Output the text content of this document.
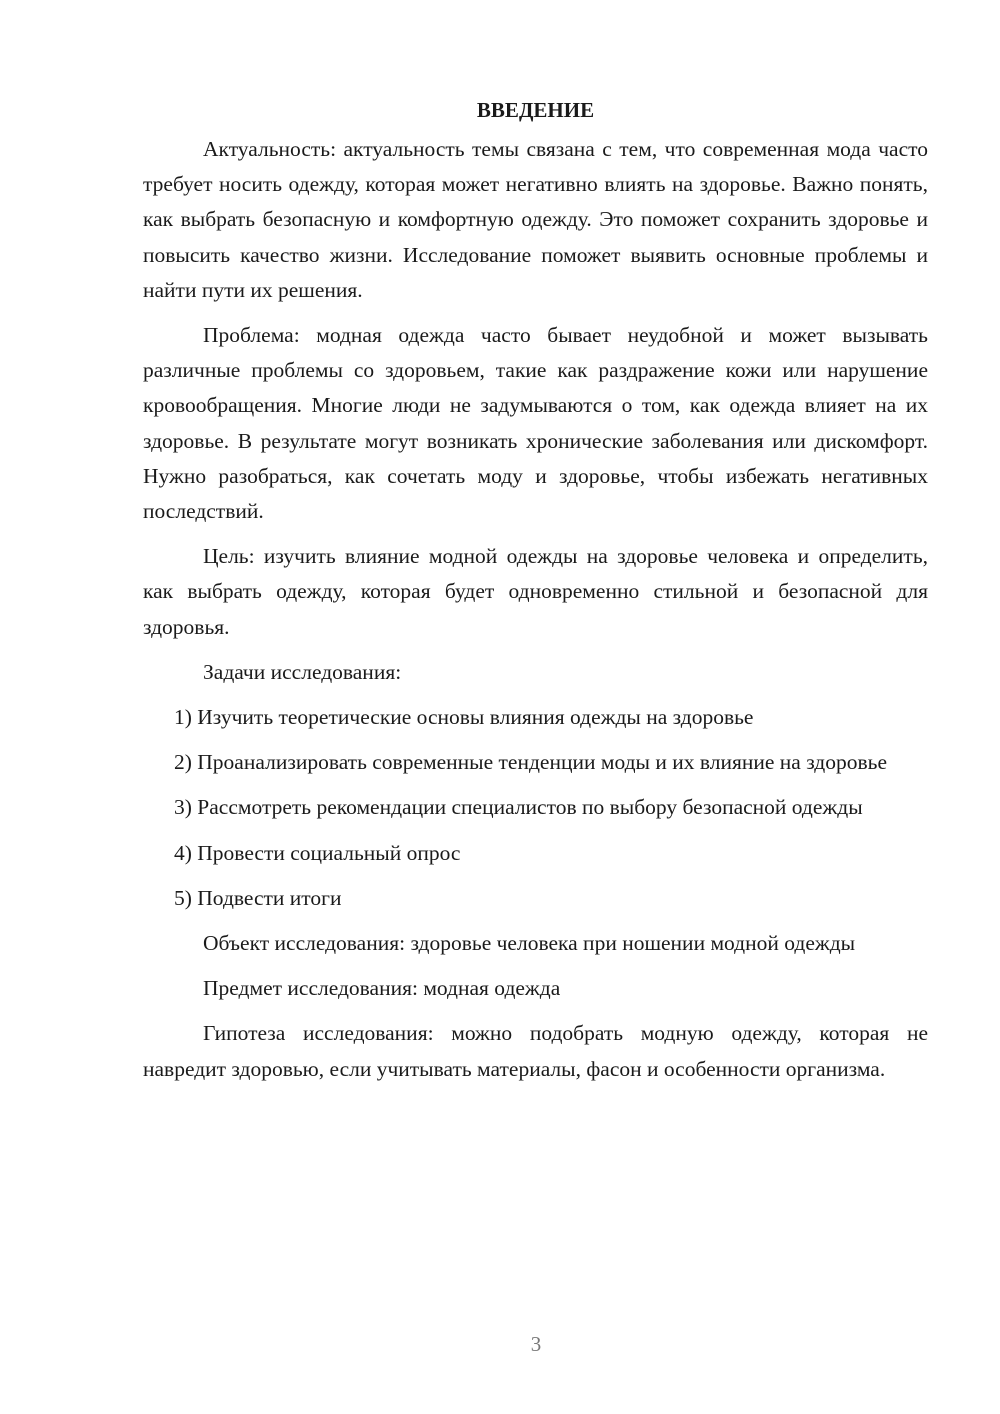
ВВЕДЕНИЕ

Актуальность: актуальность темы связана с тем, что современная мода часто требует носить одежду, которая может негативно влиять на здоровье. Важно понять, как выбрать безопасную и комфортную одежду. Это поможет сохранить здоровье и повысить качество жизни. Исследование поможет выявить основные проблемы и найти пути их решения.

Проблема: модная одежда часто бывает неудобной и может вызывать различные проблемы со здоровьем, такие как раздражение кожи или нарушение кровообращения. Многие люди не задумываются о том, как одежда влияет на их здоровье. В результате могут возникать хронические заболевания или дискомфорт. Нужно разобраться, как сочетать моду и здоровье, чтобы избежать негативных последствий.

Цель: изучить влияние модной одежды на здоровье человека и определить, как выбрать одежду, которая будет одновременно стильной и безопасной для здоровья.

Задачи исследования:

1) Изучить теоретические основы влияния одежды на здоровье

2) Проанализировать современные тенденции моды и их влияние на здоровье

3) Рассмотреть рекомендации специалистов по выбору безопасной одежды

4) Провести социальный опрос

5) Подвести итоги

Объект исследования: здоровье человека при ношении модной одежды

Предмет исследования: модная одежда

Гипотеза исследования: можно подобрать модную одежду, которая не навредит здоровью, если учитывать материалы, фасон и особенности организма.

3
